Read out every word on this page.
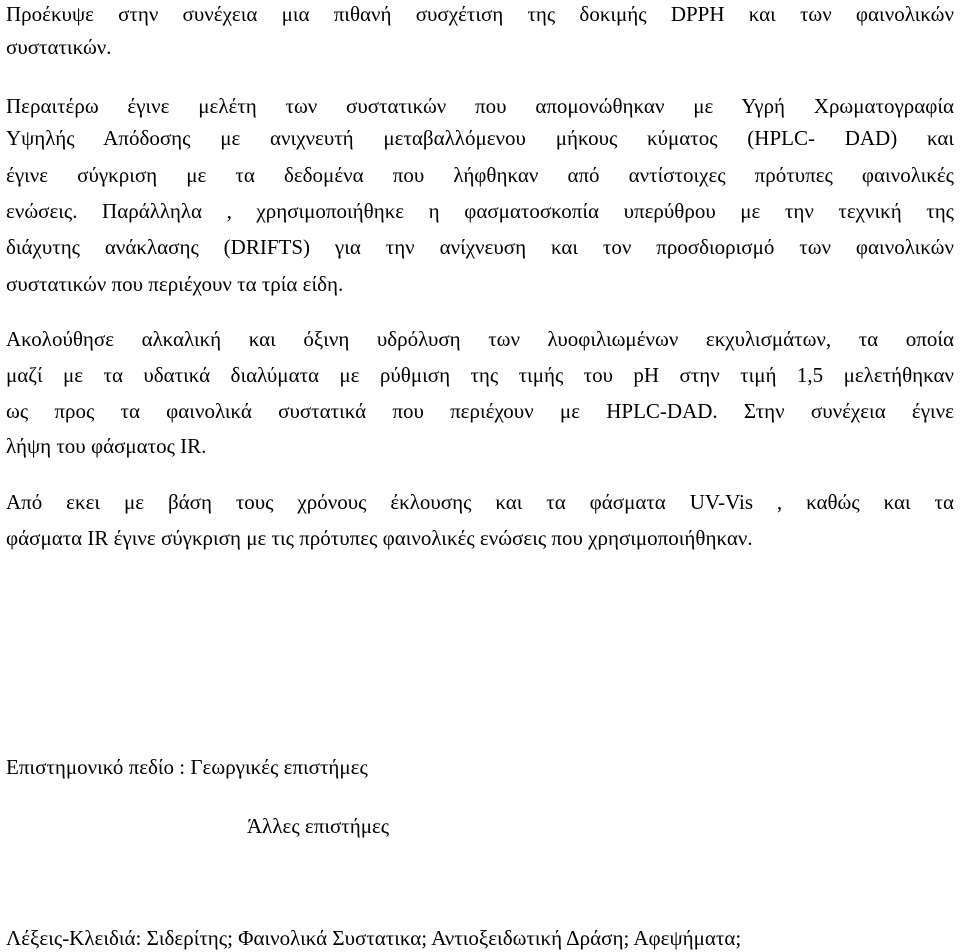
Προέκυψε στην συνέχεια μια πιθανή συσχέτιση της δοκιμής DPPH και των φαινολικών
συστατικών.
Περαιτέρω έγινε μελέτη των συστατικών που απομονώθηκαν με Υγρή Χρωματογραφία
Υψηλής Απόδοσης με ανιχνευτή μεταβαλλόμενου μήκους κύματος (HPLC- DAD) και
έγινε σύγκριση με τα δεδομένα που λήφθηκαν από αντίστοιχες πρότυπες φαινολικές
ενώσεις. Παράλληλα , χρησιμοποιήθηκε η φασματοσκοπία υπερύθρου με την τεχνική της
διάχυτης ανάκλασης (DRIFTS) για την ανίχνευση και τον προσδιορισμό των φαινολικών
συστατικών που περιέχουν τα τρία είδη.
Ακολούθησε αλκαλική και όξινη υδρόλυση των λυοφιλιωμένων εκχυλισμάτων, τα οποία
μαζί με τα υδατικά διαλύματα με ρύθμιση της τιμής του pH στην τιμή 1,5 μελετήθηκαν
ως προς τα φαινολικά συστατικά που περιέχουν με HPLC-DAD. Στην συνέχεια έγινε
λήψη του φάσματος IR.
Από εκει με βάση τους χρόνους έκλουσης και τα φάσματα UV-Vis , καθώς και τα
φάσματα IR έγινε σύγκριση με τις πρότυπες φαινολικές ενώσεις που χρησιμοποιήθηκαν.
Επιστημονικό πεδίο : Γεωργικές επιστήμες
Άλλες επιστήμες
Λέξεις-Κλειδιά: Σιδερίτης; Φαινολικά Συστατικα; Αντιοξειδωτική Δράση; Αφεψήματα;
